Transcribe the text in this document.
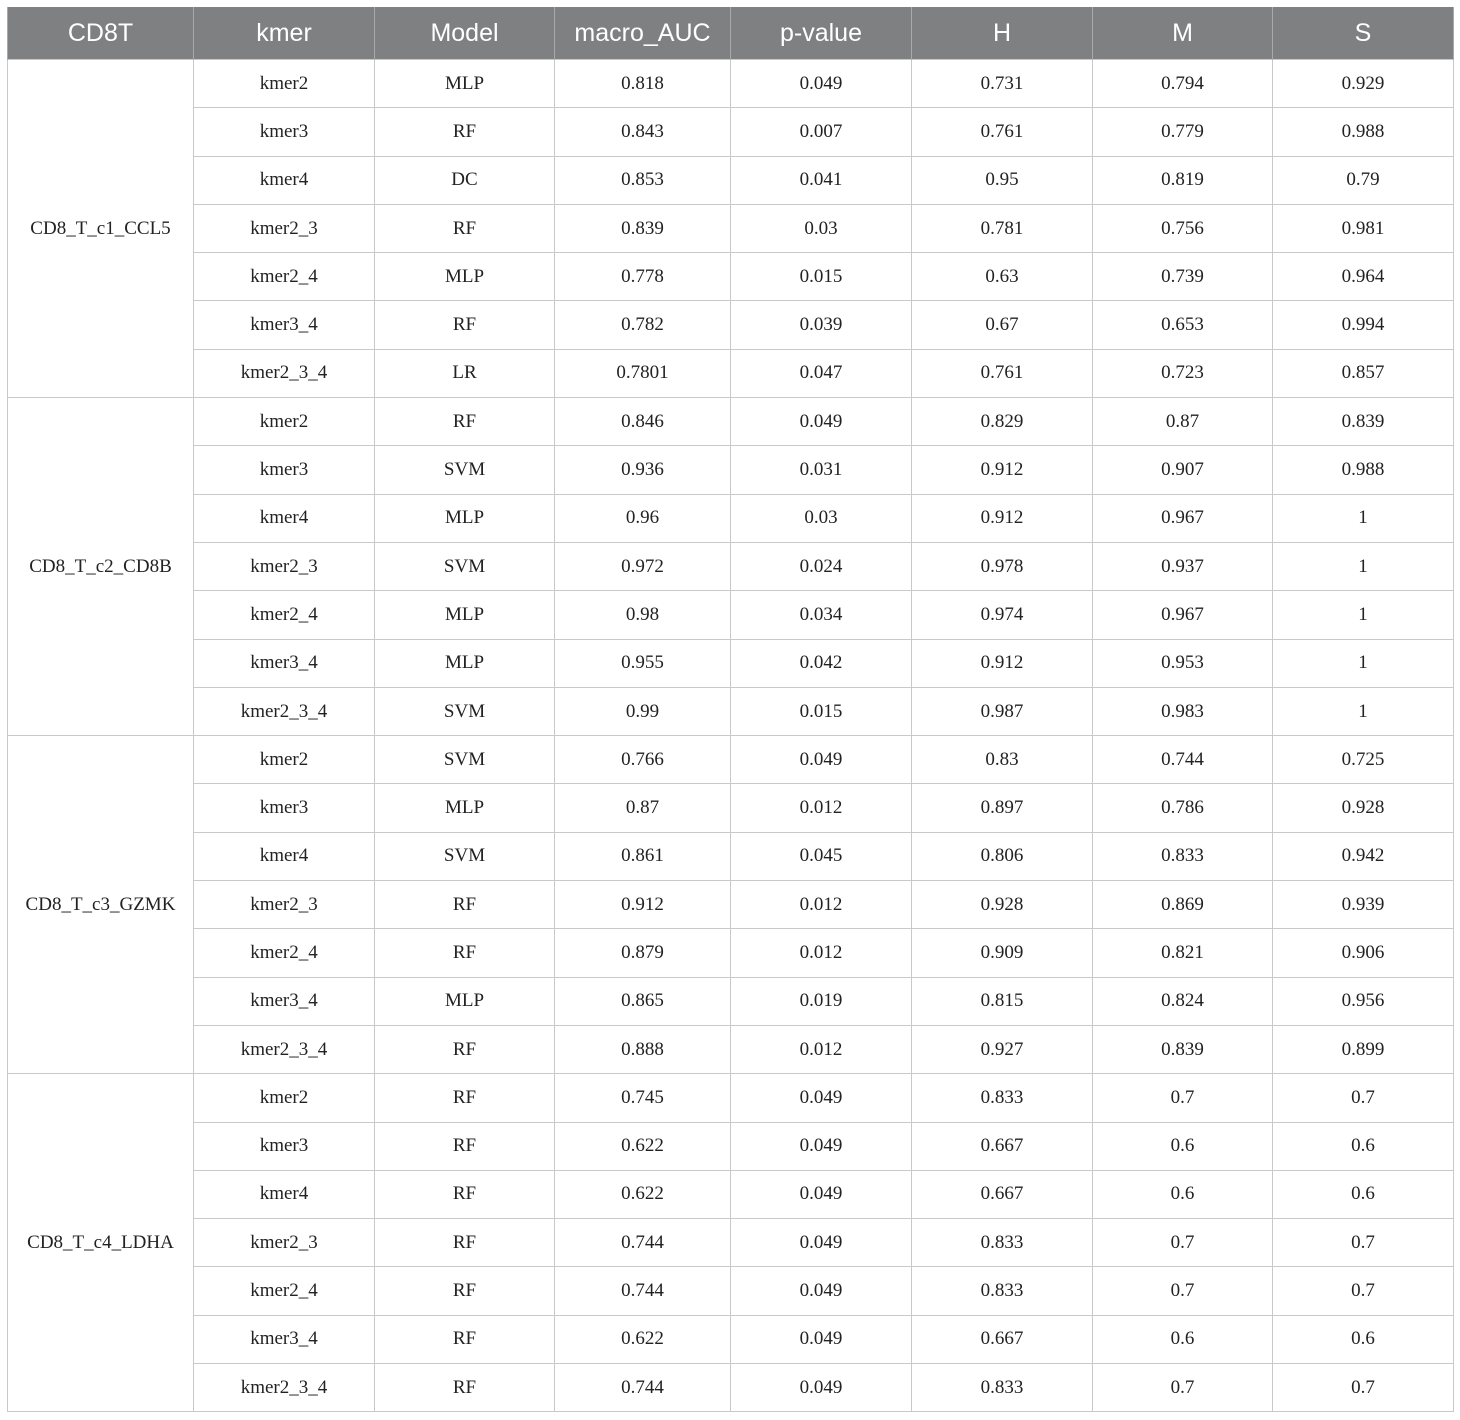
CD8T	kmer	Model	macro_AUC	p-value	H	M	S
CD8_T_c1_CCL5	kmer2	MLP	0.818	0.049	0.731	0.794	0.929
	kmer3	RF	0.843	0.007	0.761	0.779	0.988
	kmer4	DC	0.853	0.041	0.95	0.819	0.79
	kmer2_3	RF	0.839	0.03	0.781	0.756	0.981
	kmer2_4	MLP	0.778	0.015	0.63	0.739	0.964
	kmer3_4	RF	0.782	0.039	0.67	0.653	0.994
	kmer2_3_4	LR	0.7801	0.047	0.761	0.723	0.857
CD8_T_c2_CD8B	kmer2	RF	0.846	0.049	0.829	0.87	0.839
	kmer3	SVM	0.936	0.031	0.912	0.907	0.988
	kmer4	MLP	0.96	0.03	0.912	0.967	1
	kmer2_3	SVM	0.972	0.024	0.978	0.937	1
	kmer2_4	MLP	0.98	0.034	0.974	0.967	1
	kmer3_4	MLP	0.955	0.042	0.912	0.953	1
	kmer2_3_4	SVM	0.99	0.015	0.987	0.983	1
CD8_T_c3_GZMK	kmer2	SVM	0.766	0.049	0.83	0.744	0.725
	kmer3	MLP	0.87	0.012	0.897	0.786	0.928
	kmer4	SVM	0.861	0.045	0.806	0.833	0.942
	kmer2_3	RF	0.912	0.012	0.928	0.869	0.939
	kmer2_4	RF	0.879	0.012	0.909	0.821	0.906
	kmer3_4	MLP	0.865	0.019	0.815	0.824	0.956
	kmer2_3_4	RF	0.888	0.012	0.927	0.839	0.899
CD8_T_c4_LDHA	kmer2	RF	0.745	0.049	0.833	0.7	0.7
	kmer3	RF	0.622	0.049	0.667	0.6	0.6
	kmer4	RF	0.622	0.049	0.667	0.6	0.6
	kmer2_3	RF	0.744	0.049	0.833	0.7	0.7
	kmer2_4	RF	0.744	0.049	0.833	0.7	0.7
	kmer3_4	RF	0.622	0.049	0.667	0.6	0.6
	kmer2_3_4	RF	0.744	0.049	0.833	0.7	0.7
